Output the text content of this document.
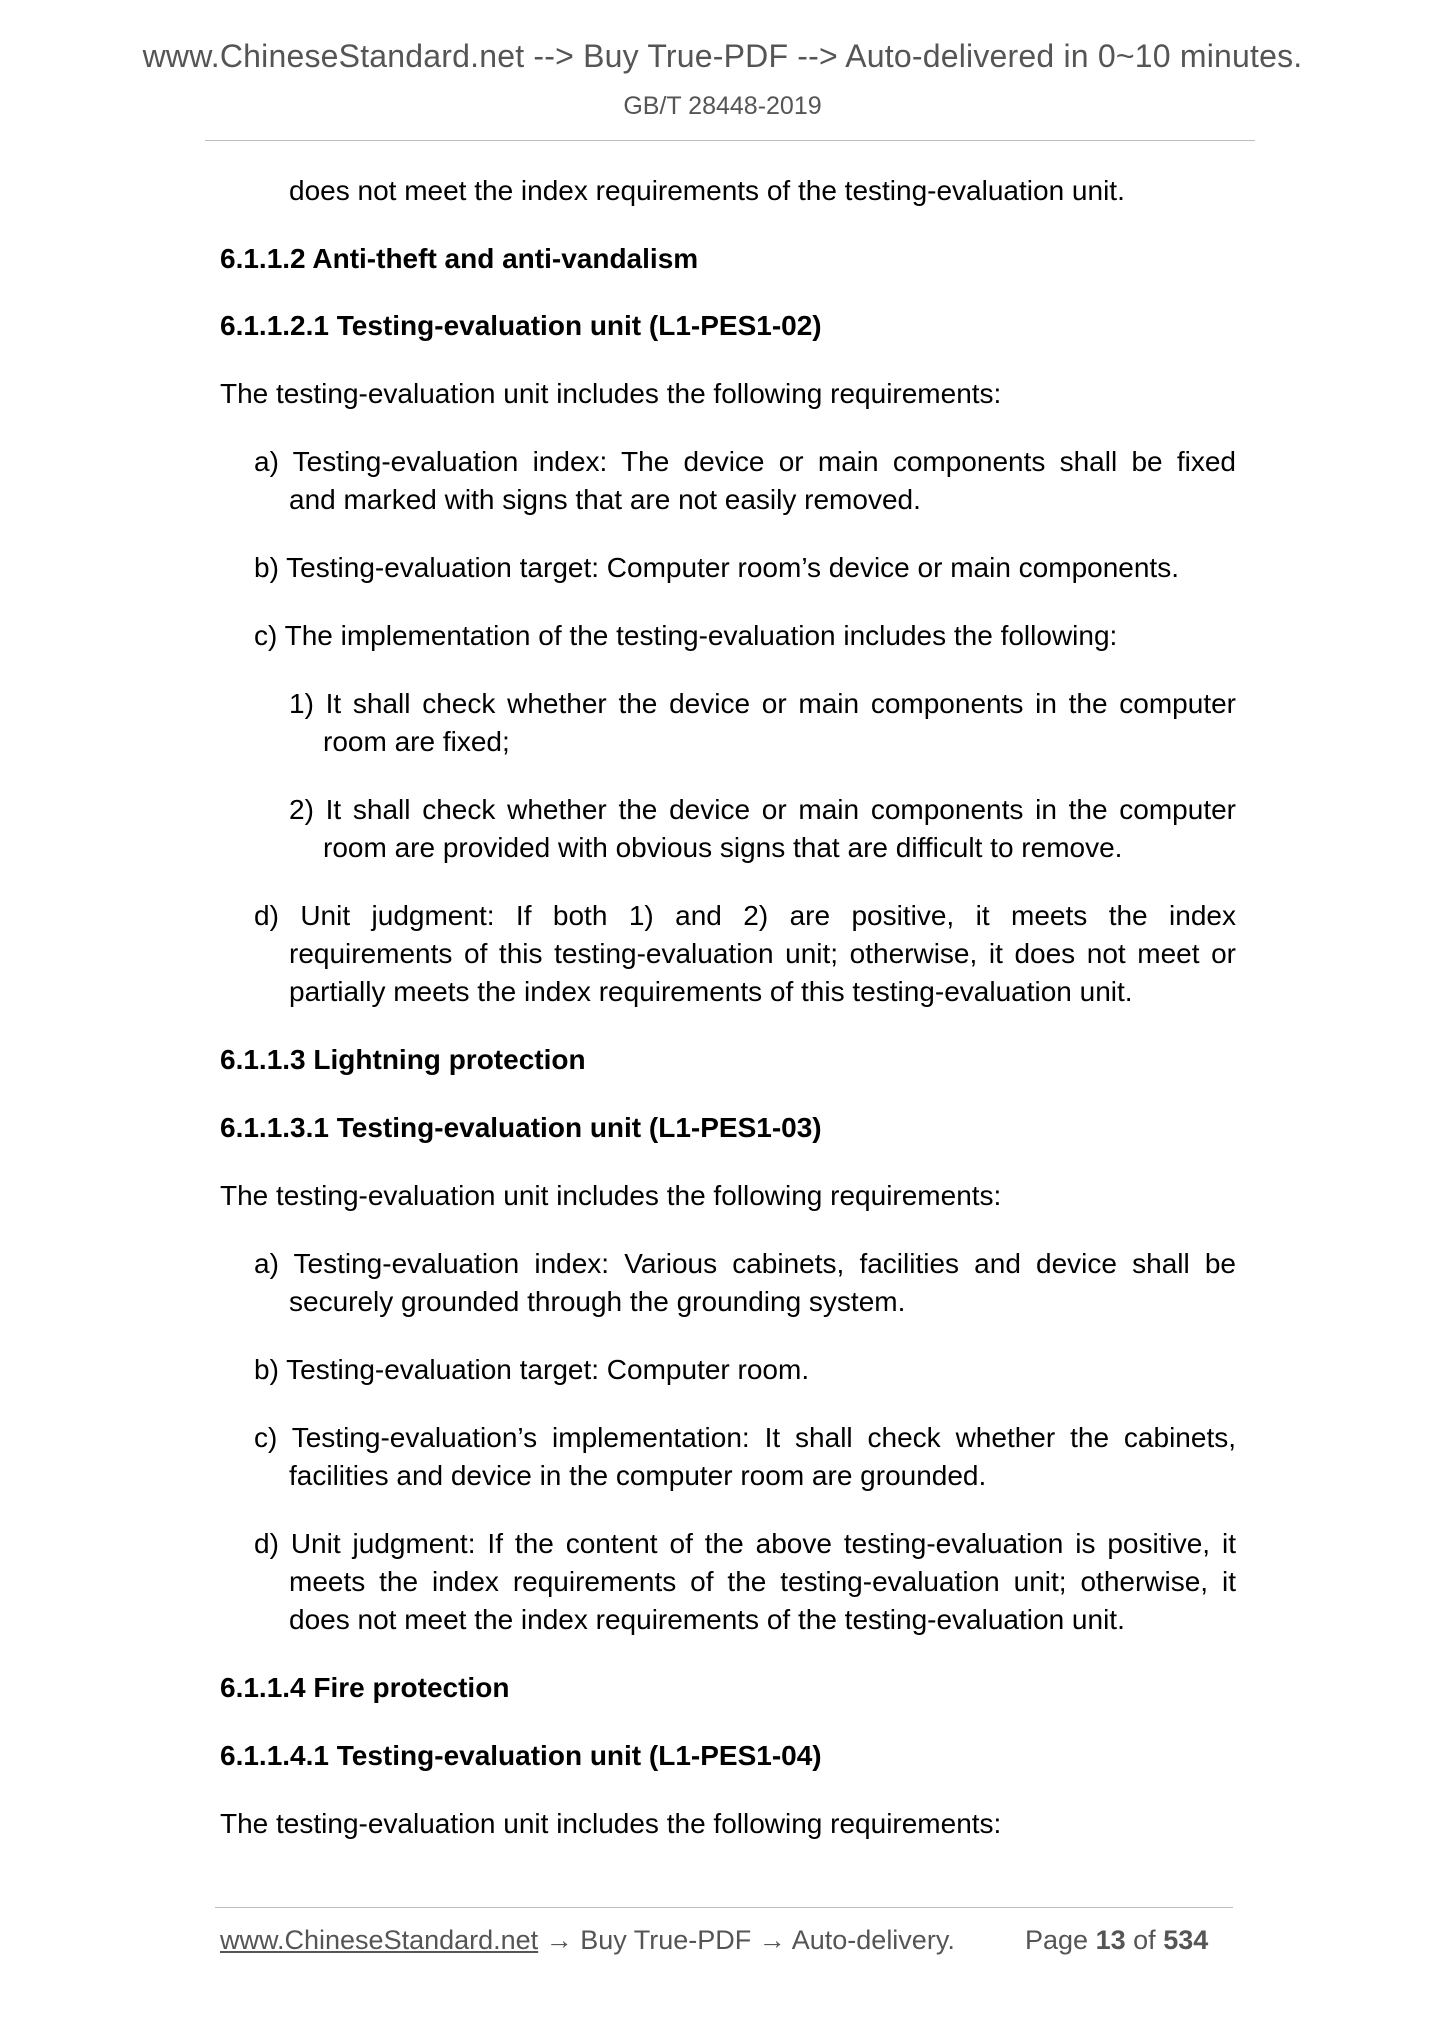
www.ChineseStandard.net --> Buy True-PDF --> Auto-delivered in 0~10 minutes.
GB/T 28448-2019
does not meet the index requirements of the testing-evaluation unit.
6.1.1.2 Anti-theft and anti-vandalism
6.1.1.2.1 Testing-evaluation unit (L1-PES1-02)
The testing-evaluation unit includes the following requirements:
a) Testing-evaluation index: The device or main components shall be fixed
and marked with signs that are not easily removed.
b) Testing-evaluation target: Computer room’s device or main components.
c) The implementation of the testing-evaluation includes the following:
1) It shall check whether the device or main components in the computer
room are fixed;
2) It shall check whether the device or main components in the computer
room are provided with obvious signs that are difficult to remove.
d) Unit judgment: If both 1) and 2) are positive, it meets the index
requirements of this testing-evaluation unit; otherwise, it does not meet or
partially meets the index requirements of this testing-evaluation unit.
6.1.1.3 Lightning protection
6.1.1.3.1 Testing-evaluation unit (L1-PES1-03)
The testing-evaluation unit includes the following requirements:
a) Testing-evaluation index: Various cabinets, facilities and device shall be
securely grounded through the grounding system.
b) Testing-evaluation target: Computer room.
c) Testing-evaluation’s implementation: It shall check whether the cabinets,
facilities and device in the computer room are grounded.
d) Unit judgment: If the content of the above testing-evaluation is positive, it
meets the index requirements of the testing-evaluation unit; otherwise, it
does not meet the index requirements of the testing-evaluation unit.
6.1.1.4 Fire protection
6.1.1.4.1 Testing-evaluation unit (L1-PES1-04)
The testing-evaluation unit includes the following requirements:
www.ChineseStandard.net → Buy True-PDF → Auto-delivery.	Page 13 of 534
